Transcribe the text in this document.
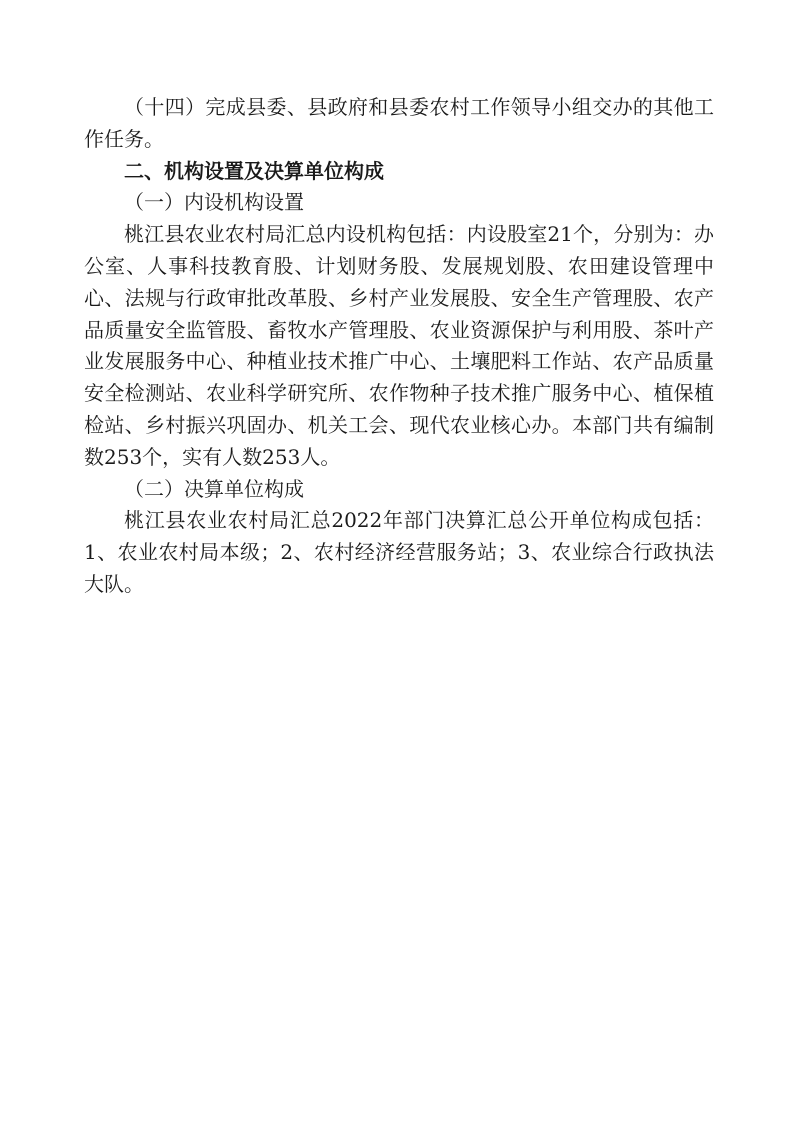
（十四）完成县委、县政府和县委农村工作领导小组交办的其他工作任务。

二、机构设置及决算单位构成

（一）内设机构设置

桃江县农业农村局汇总内设机构包括：内设股室21个，分别为：办公室、人事科技教育股、计划财务股、发展规划股、农田建设管理中心、法规与行政审批改革股、乡村产业发展股、安全生产管理股、农产品质量安全监管股、畜牧水产管理股、农业资源保护与利用股、茶叶产业发展服务中心、种植业技术推广中心、土壤肥料工作站、农产品质量安全检测站、农业科学研究所、农作物种子技术推广服务中心、植保植检站、乡村振兴巩固办、机关工会、现代农业核心办。本部门共有编制数253个，实有人数253人。

（二）决算单位构成

桃江县农业农村局汇总2022年部门决算汇总公开单位构成包括：1、农业农村局本级；2、农村经济经营服务站；3、农业综合行政执法大队。
